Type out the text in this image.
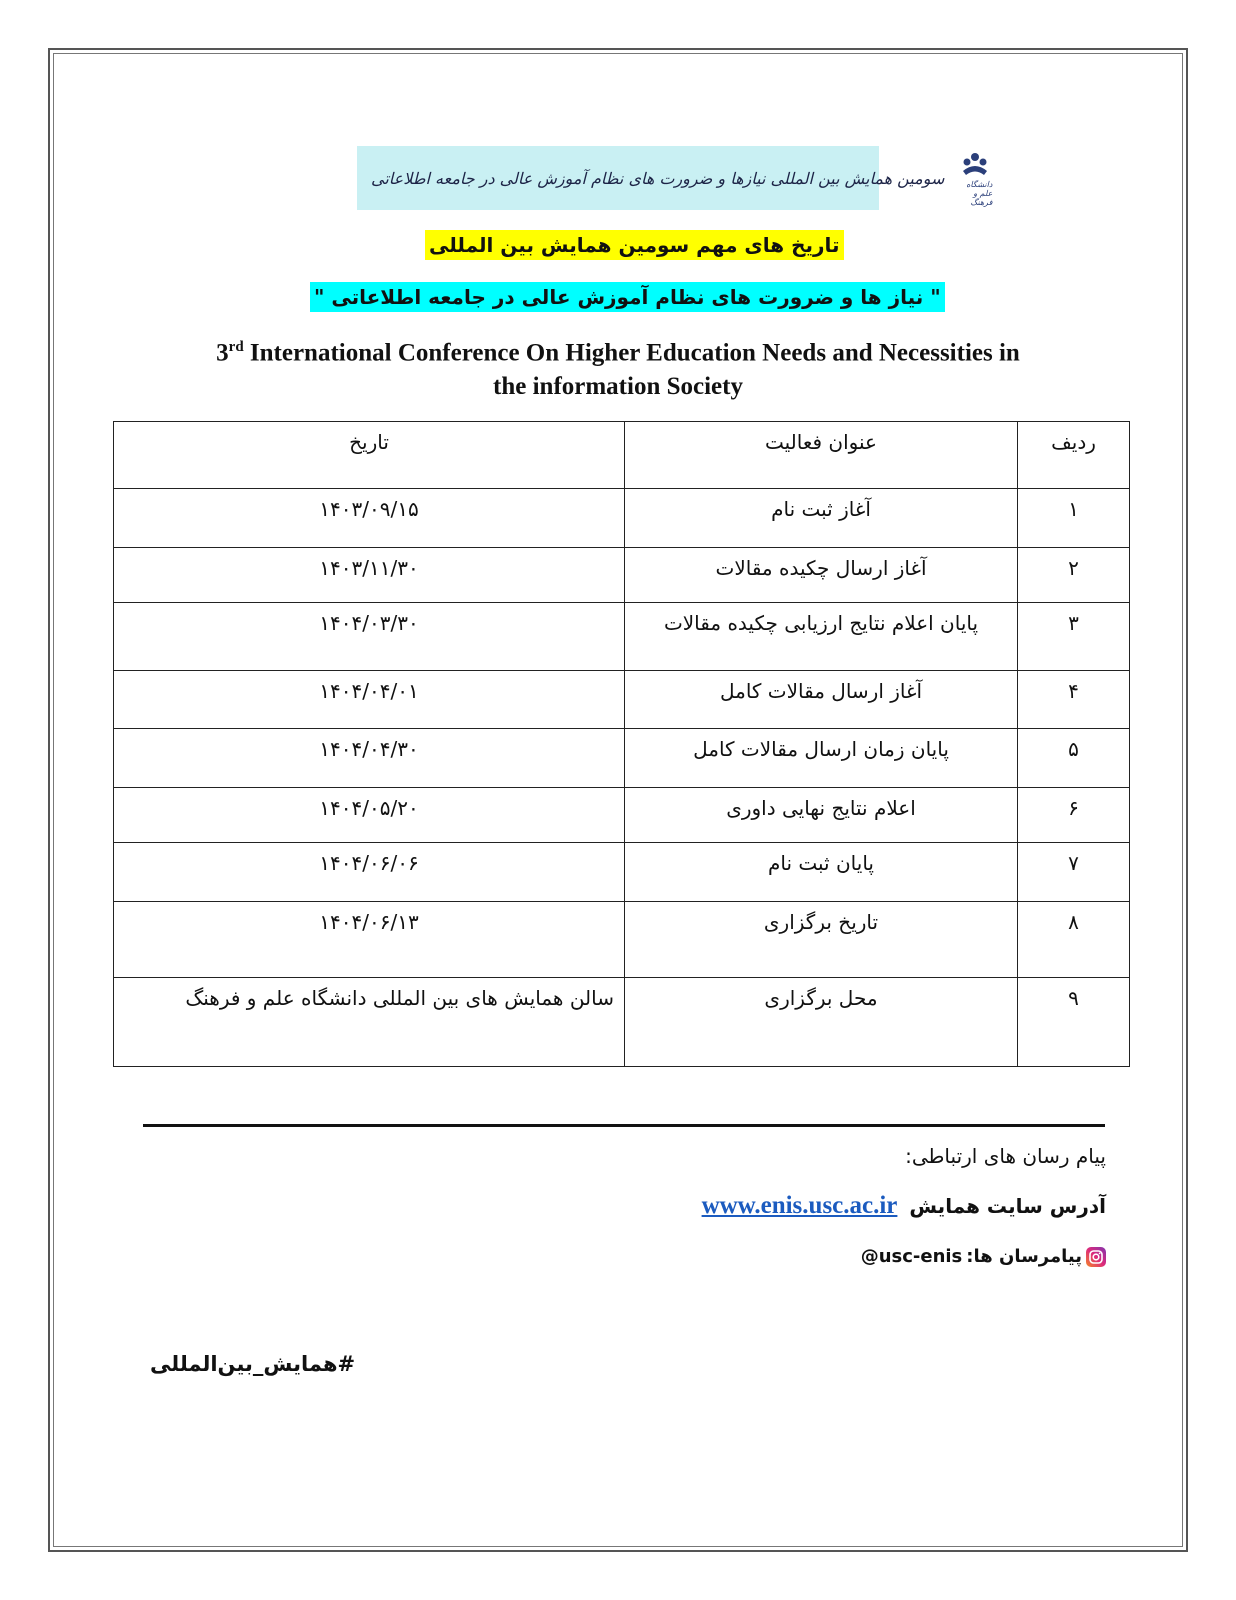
دانشگاه علم و فرهنگ
سومین همایش بین المللی نیازها و ضرورت های نظام آموزش عالی در جامعه اطلاعاتی
تاریخ های مهم سومین همایش بین المللی
" نیاز ها و ضرورت های نظام آموزش عالی در جامعه اطلاعاتی "
3rd International Conference On Higher Education Needs and Necessities in
the information Society
ردیف	عنوان فعالیت	تاریخ
۱	آغاز ثبت نام	۱۴۰۳/۰۹/۱۵
۲	آغاز ارسال چکیده مقالات	۱۴۰۳/۱۱/۳۰
۳	پایان اعلام نتایج ارزیابی چکیده مقالات	۱۴۰۴/۰۳/۳۰
۴	آغاز ارسال مقالات کامل	۱۴۰۴/۰۴/۰۱
۵	پایان زمان ارسال مقالات کامل	۱۴۰۴/۰۴/۳۰
۶	اعلام نتایج نهایی داوری	۱۴۰۴/۰۵/۲۰
۷	پایان ثبت نام	۱۴۰۴/۰۶/۰۶
۸	تاریخ برگزاری	۱۴۰۴/۰۶/۱۳
۹	محل برگزاری	سالن همایش های بین المللی دانشگاه علم و فرهنگ
پیام رسان های ارتباطی:
آدرس سایت همایش
www.enis.usc.ac.ir
پیامرسان ها:
@usc-enis
#همایش_بین‌المللی
